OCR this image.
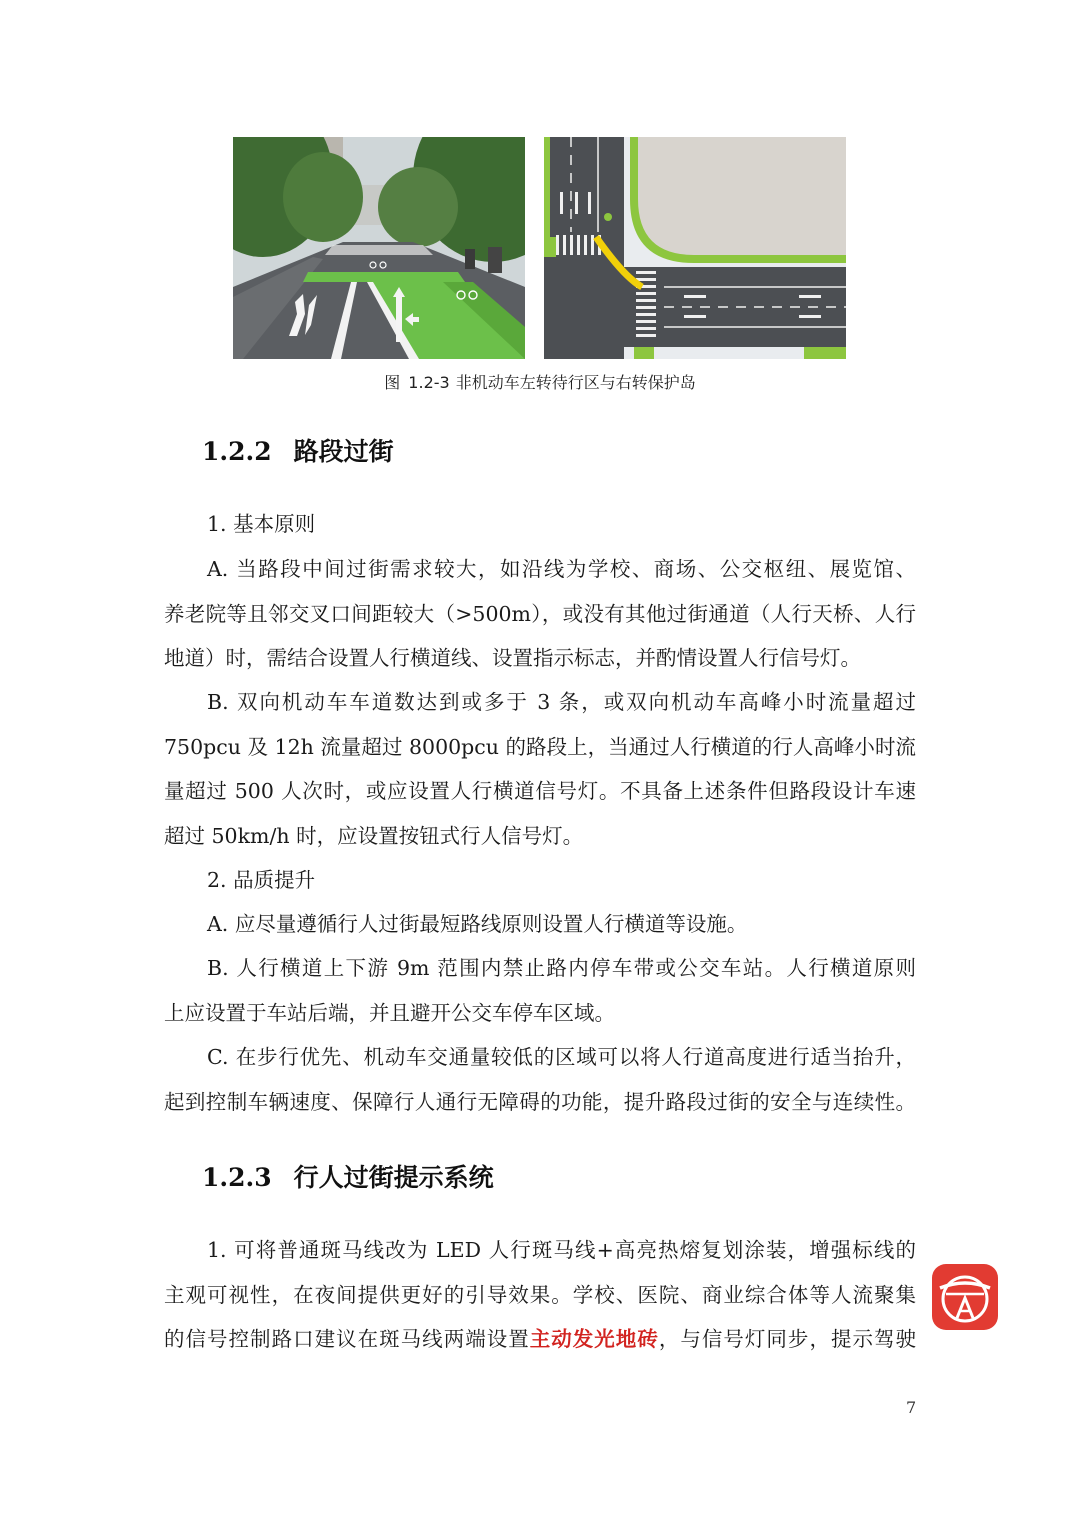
图 1.2-3 非机动车左转待行区与右转保护岛
1.2.2 路段过街

1. 基本原则

A. 当路段中间过街需求较大，如沿线为学校、商场、公交枢纽、展览馆、
养老院等且邻交叉口间距较大（>500m），或没有其他过街通道（人行天桥、人行
地道）时，需结合设置人行横道线、设置指示标志，并酌情设置人行信号灯。

B. 双向机动车车道数达到或多于 3 条，或双向机动车高峰小时流量超过
750pcu 及 12h 流量超过 8000pcu 的路段上，当通过人行横道的行人高峰小时流
量超过 500 人次时，或应设置人行横道信号灯。不具备上述条件但路段设计车速
超过 50km/h 时，应设置按钮式行人信号灯。

2. 品质提升

A. 应尽量遵循行人过街最短路线原则设置人行横道等设施。

B. 人行横道上下游 9m 范围内禁止路内停车带或公交车站。人行横道原则
上应设置于车站后端，并且避开公交车停车区域。

C. 在步行优先、机动车交通量较低的区域可以将人行道高度进行适当抬升，
起到控制车辆速度、保障行人通行无障碍的功能，提升路段过街的安全与连续性。

1.2.3 行人过街提示系统

1. 可将普通斑马线改为 LED 人行斑马线+高亮热熔复划涂装，增强标线的
主观可视性，在夜间提供更好的引导效果。学校、医院、商业综合体等人流聚集
的信号控制路口建议在斑马线两端设置主动发光地砖，与信号灯同步，提示驾驶

7
